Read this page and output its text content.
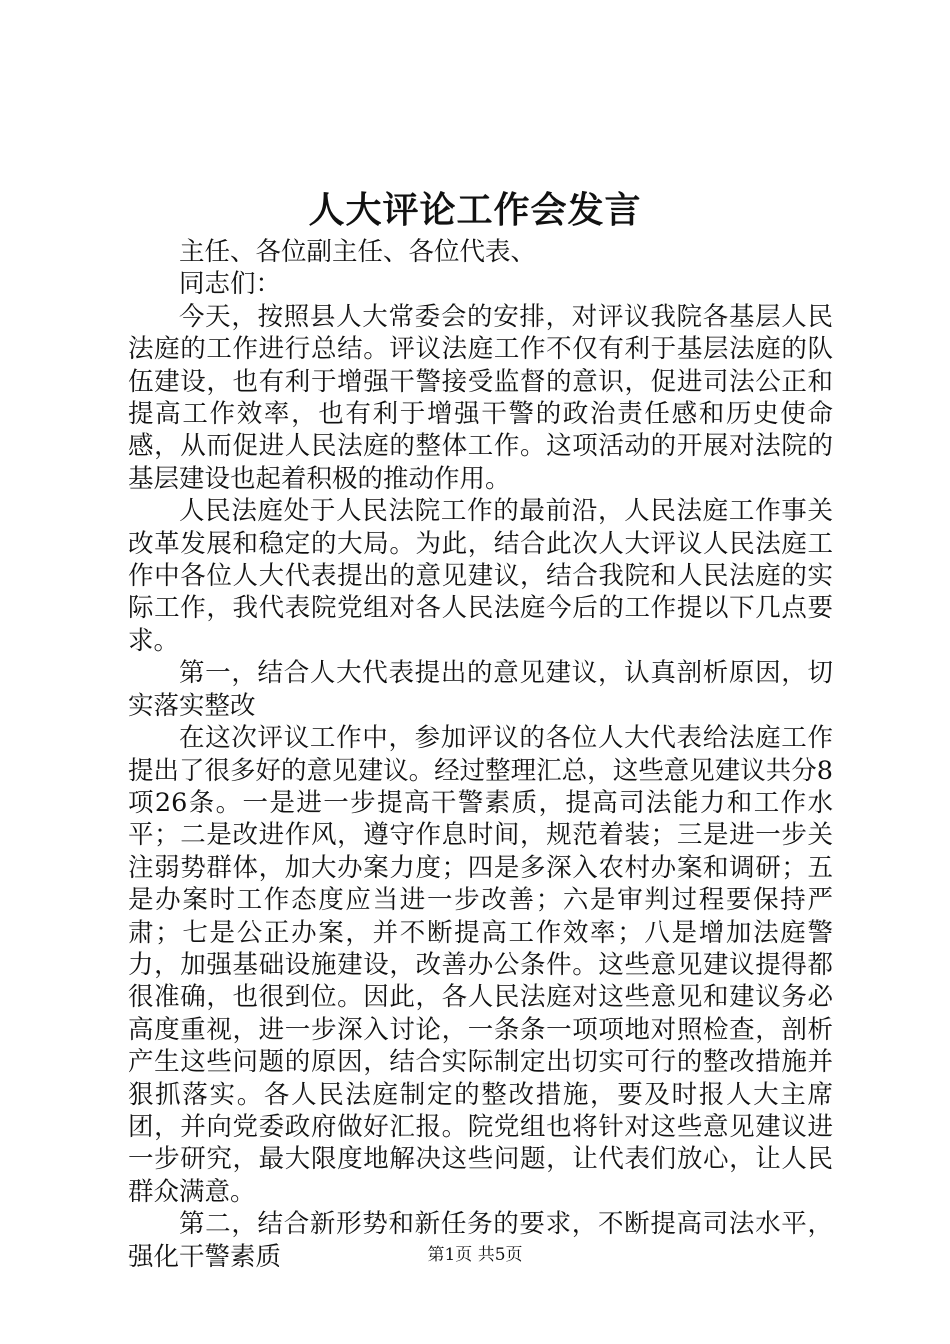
人大评论工作会发言

主任、各位副主任、各位代表、

同志们：

今天，按照县人大常委会的安排，对评议我院各基层人民法庭的工作进行总结。评议法庭工作不仅有利于基层法庭的队伍建设，也有利于增强干警接受监督的意识，促进司法公正和提高工作效率，也有利于增强干警的政治责任感和历史使命感，从而促进人民法庭的整体工作。这项活动的开展对法院的基层建设也起着积极的推动作用。

人民法庭处于人民法院工作的最前沿，人民法庭工作事关改革发展和稳定的大局。为此，结合此次人大评议人民法庭工作中各位人大代表提出的意见建议，结合我院和人民法庭的实际工作，我代表院党组对各人民法庭今后的工作提以下几点要求。

第一，结合人大代表提出的意见建议，认真剖析原因，切实落实整改

在这次评议工作中，参加评议的各位人大代表给法庭工作提出了很多好的意见建议。经过整理汇总，这些意见建议共分8项26条。一是进一步提高干警素质，提高司法能力和工作水平；二是改进作风，遵守作息时间，规范着装；三是进一步关注弱势群体，加大办案力度；四是多深入农村办案和调研；五是办案时工作态度应当进一步改善；六是审判过程要保持严肃；七是公正办案，并不断提高工作效率；八是增加法庭警力，加强基础设施建设，改善办公条件。这些意见建议提得都很准确，也很到位。因此，各人民法庭对这些意见和建议务必高度重视，进一步深入讨论，一条条一项项地对照检查，剖析产生这些问题的原因，结合实际制定出切实可行的整改措施并狠抓落实。各人民法庭制定的整改措施，要及时报人大主席团，并向党委政府做好汇报。院党组也将针对这些意见建议进一步研究，最大限度地解决这些问题，让代表们放心，让人民群众满意。

第二，结合新形势和新任务的要求，不断提高司法水平，强化干警素质	第1页 共5页
